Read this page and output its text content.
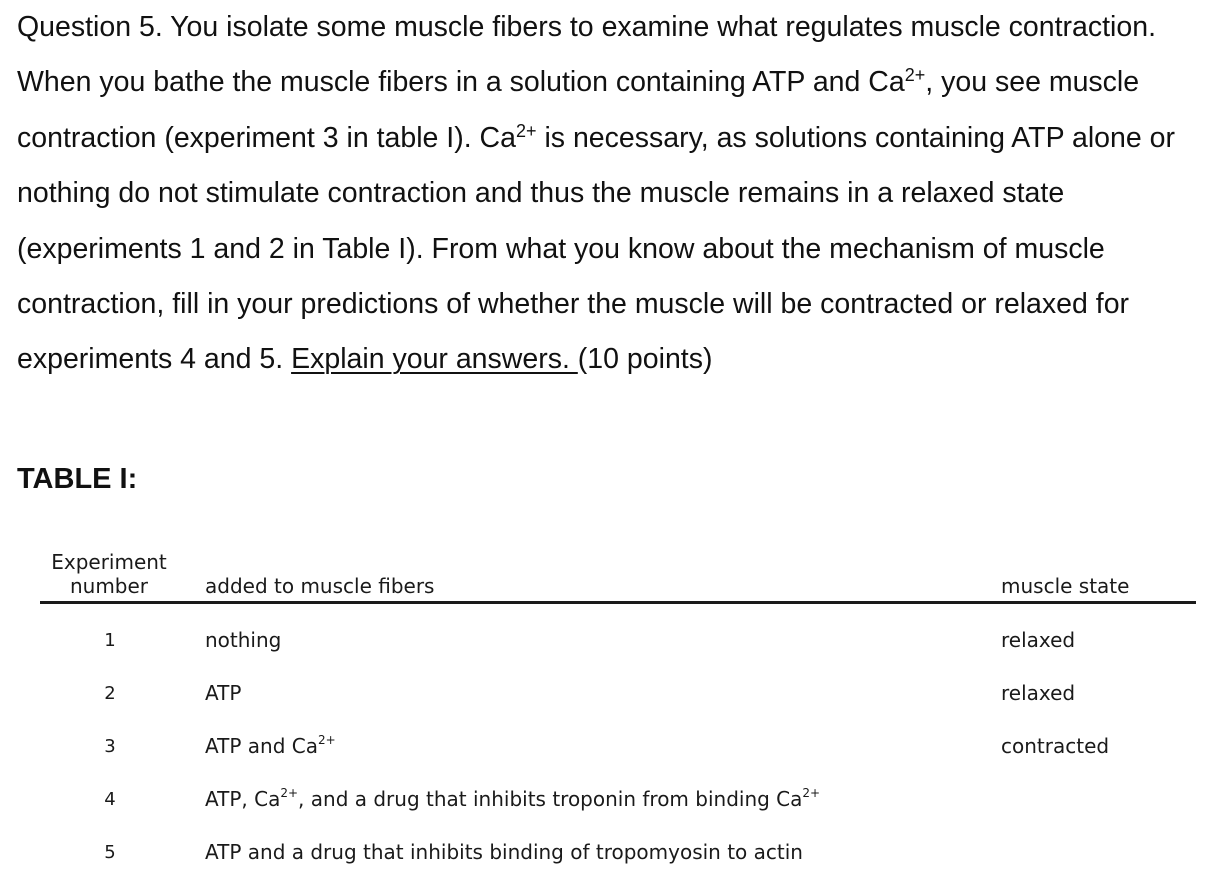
Question 5. You isolate some muscle fibers to examine what regulates muscle contraction. When you bathe the muscle fibers in a solution containing ATP and $Ca^{2+}$, you see muscle contraction (experiment 3 in table I). $Ca^{2+}$ is necessary, as solutions containing ATP alone or nothing do not stimulate contraction and thus the muscle remains in a relaxed state (experiments 1 and 2 in Table I). From what you know about the mechanism of muscle contraction, fill in your predictions of whether the muscle will be contracted or relaxed for experiments 4 and 5. Explain your answers. (10 points)

TABLE I:

Experiment
number	added to muscle fibers	muscle state
1	nothing	relaxed
2	ATP	relaxed
3	ATP and $Ca^{2+}$	contracted
4	ATP, $Ca^{2+}$, and a drug that inhibits troponin from binding $Ca^{2+}$
5	ATP and a drug that inhibits binding of tropomyosin to actin
